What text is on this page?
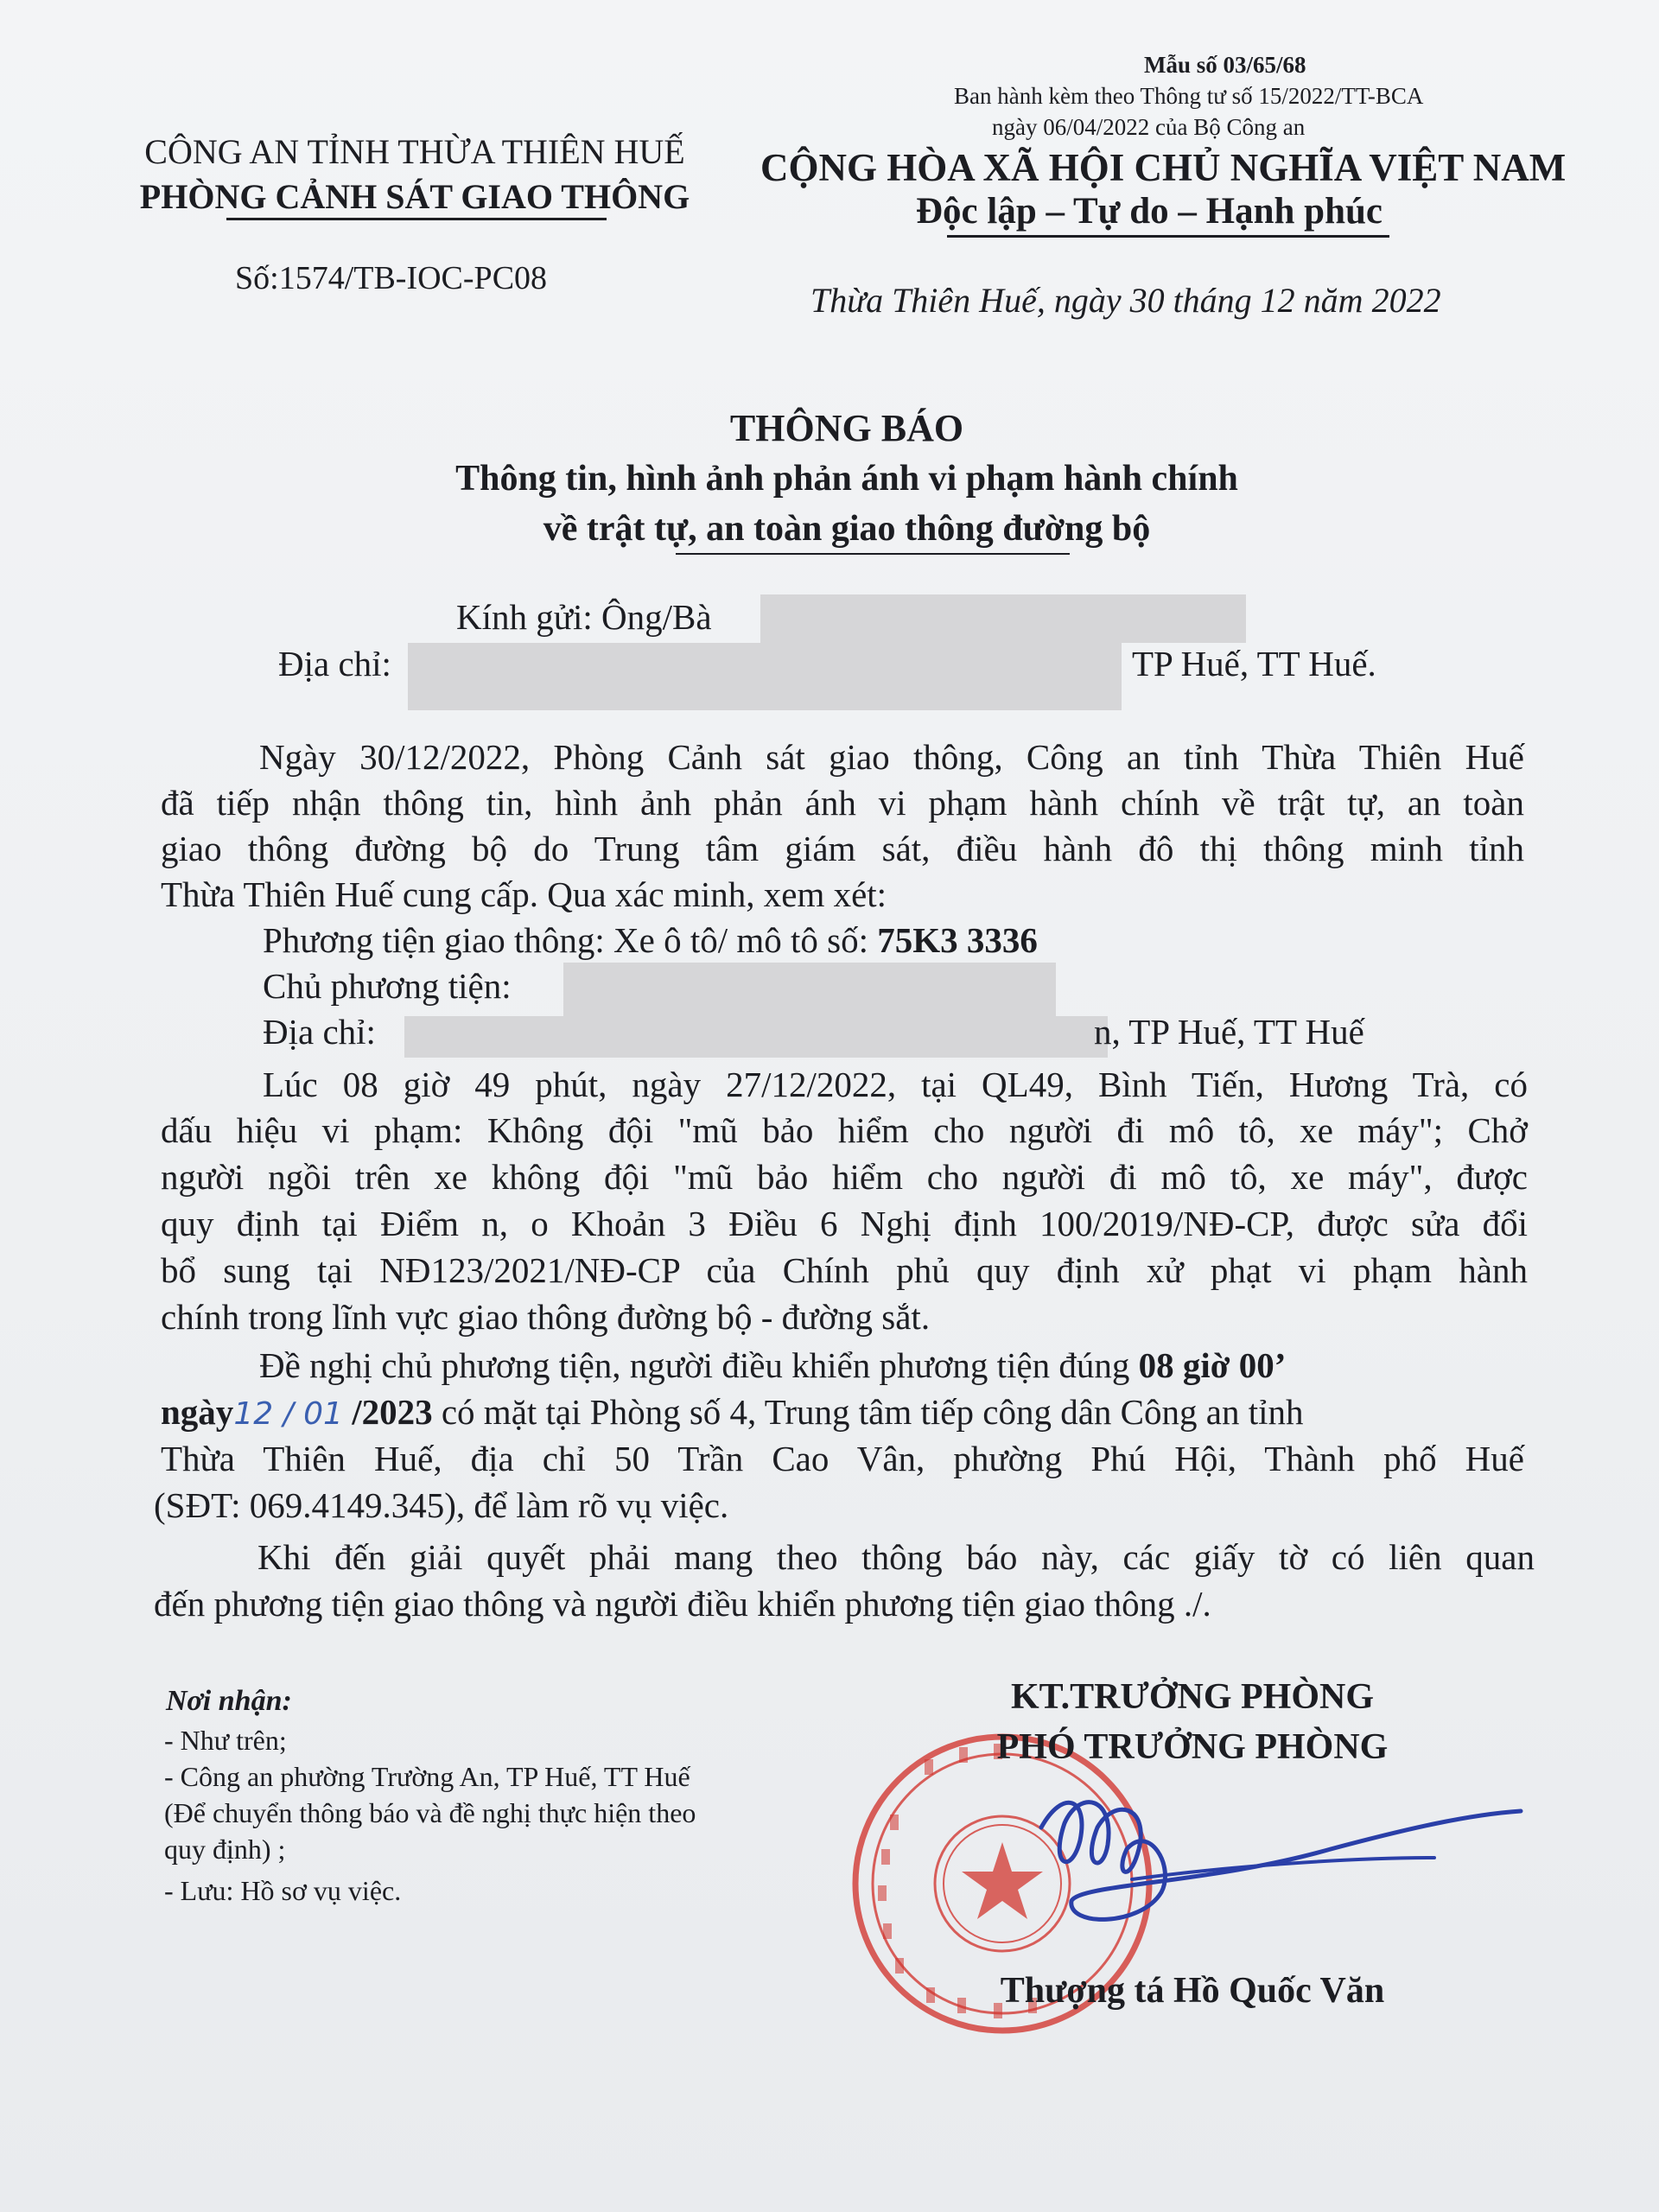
Mẫu số 03/65/68
Ban hành kèm theo Thông tư số 15/2022/TT-BCA
ngày 06/04/2022 của Bộ Công an
CÔNG AN TỈNH THỪA THIÊN HUẾ
PHÒNG CẢNH SÁT GIAO THÔNG
Số:1574/TB-IOC-PC08
CỘNG HÒA XÃ HỘI CHỦ NGHĨA VIỆT NAM
Độc lập – Tự do – Hạnh phúc
Thừa Thiên Huế, ngày 30 tháng 12 năm 2022
THÔNG BÁO
Thông tin, hình ảnh phản ánh vi phạm hành chính
về trật tự, an toàn giao thông đường bộ
Kính gửi: Ông/Bà
Địa chỉ:	TP Huế, TT Huế.
Ngày 30/12/2022, Phòng Cảnh sát giao thông, Công an tỉnh Thừa Thiên Huế
đã tiếp nhận thông tin, hình ảnh phản ánh vi phạm hành chính về trật tự, an toàn
giao thông đường bộ do Trung tâm giám sát, điều hành đô thị thông minh tỉnh
Thừa Thiên Huế cung cấp. Qua xác minh, xem xét:
Phương tiện giao thông: Xe ô tô/ mô tô số: 75K3 3336
Chủ phương tiện:
Địa chỉ:	n, TP Huế, TT Huế
Lúc 08 giờ 49 phút, ngày 27/12/2022, tại QL49, Bình Tiến, Hương Trà, có
dấu hiệu vi phạm: Không đội "mũ bảo hiểm cho người đi mô tô, xe máy"; Chở
người ngồi trên xe không đội "mũ bảo hiểm cho người đi mô tô, xe máy", được
quy định tại Điểm n, o Khoản 3 Điều 6 Nghị định 100/2019/NĐ-CP, được sửa đổi
bổ sung tại NĐ123/2021/NĐ-CP của Chính phủ quy định xử phạt vi phạm hành
chính trong lĩnh vực giao thông đường bộ - đường sắt.
Đề nghị chủ phương tiện, người điều khiển phương tiện đúng 08 giờ 00’
ngày12 / 01 /2023 có mặt tại Phòng số 4, Trung tâm tiếp công dân Công an tỉnh
Thừa Thiên Huế, địa chỉ 50 Trần Cao Vân, phường Phú Hội, Thành phố Huế
(SĐT: 069.4149.345), để làm rõ vụ việc.
Khi đến giải quyết phải mang theo thông báo này, các giấy tờ có liên quan
đến phương tiện giao thông và người điều khiển phương tiện giao thông ./.
Nơi nhận:
- Như trên;
- Công an phường Trường An, TP Huế, TT Huế
(Để chuyển thông báo và đề nghị thực hiện theo
quy định) ;
- Lưu: Hồ sơ vụ việc.
KT.TRƯỞNG PHÒNG
PHÓ TRƯỞNG PHÒNG
Thượng tá Hồ Quốc Văn
